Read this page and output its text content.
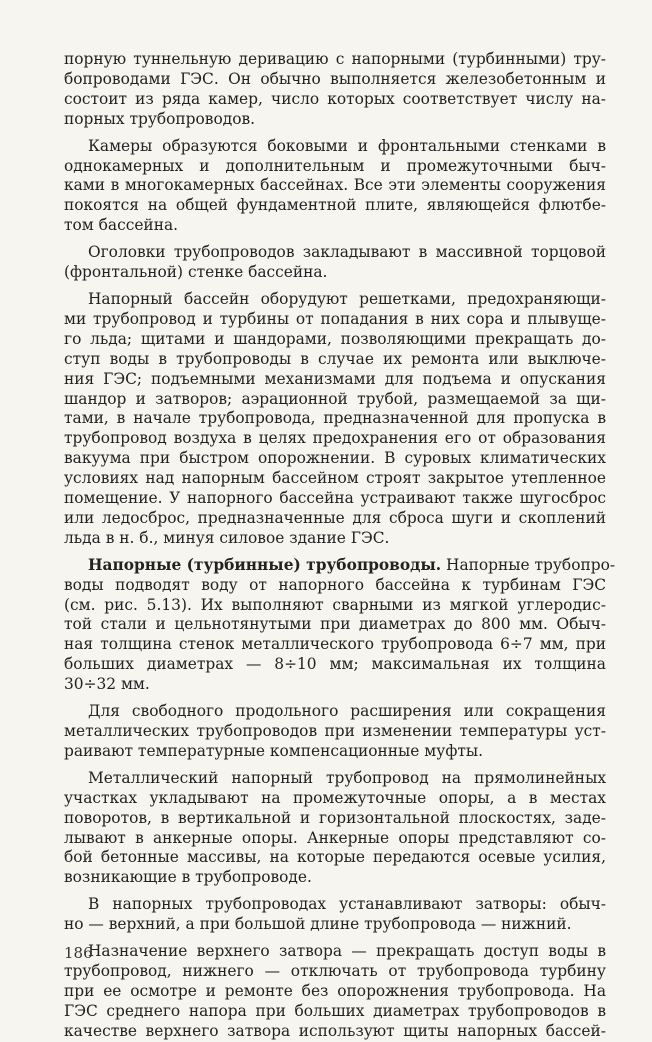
порную туннельную деривацию с напорными (турбинными) тру-
бопроводами ГЭС. Он обычно выполняется железобетонным и
состоит из ряда камер, число которых соответствует числу на-
порных трубопроводов.

Камеры образуются боковыми и фронтальными стенками в
однокамерных и дополнительным и промежуточными быч-
ками в многокамерных бассейнах. Все эти элементы сооружения
покоятся на общей фундаментной плите, являющейся флютбе-
том бассейна.

Оголовки трубопроводов закладывают в массивной торцовой
(фронтальной) стенке бассейна.

Напорный бассейн оборудуют решетками, предохраняющи-
ми трубопровод и турбины от попадания в них сора и плывуще-
го льда; щитами и шандорами, позволяющими прекращать до-
ступ воды в трубопроводы в случае их ремонта или выключе-
ния ГЭС; подъемными механизмами для подъема и опускания
шандор и затворов; аэрационной трубой, размещаемой за щи-
тами, в начале трубопровода, предназначенной для пропуска в
трубопровод воздуха в целях предохранения его от образования
вакуума при быстром опорожнении. В суровых климатических
условиях над напорным бассейном строят закрытое утепленное
помещение. У напорного бассейна устраивают также шугосброс
или ледосброс, предназначенные для сброса шуги и скоплений
льда в н. б., минуя силовое здание ГЭС.

Напорные (турбинные) трубопроводы. Напорные трубопро-
воды подводят воду от напорного бассейна к турбинам ГЭС
(см. рис. 5.13). Их выполняют сварными из мягкой углеродис-
той стали и цельнотянутыми при диаметрах до 800 мм. Обыч-
ная толщина стенок металлического трубопровода 6÷7 мм, при
больших диаметрах — 8÷10 мм; максимальная их толщина
30÷32 мм.

Для свободного продольного расширения или сокращения
металлических трубопроводов при изменении температуры уст-
раивают температурные компенсационные муфты.

Металлический напорный трубопровод на прямолинейных
участках укладывают на промежуточные опоры, а в местах
поворотов, в вертикальной и горизонтальной плоскостях, заде-
лывают в анкерные опоры. Анкерные опоры представляют со-
бой бетонные массивы, на которые передаются осевые усилия,
возникающие в трубопроводе.

В напорных трубопроводах устанавливают затворы: обыч-
но — верхний, а при большой длине трубопровода — нижний.

Назначение верхнего затвора — прекращать доступ воды в
трубопровод, нижнего — отключать от трубопровода турбину
при ее осмотре и ремонте без опорожнения трубопровода. На
ГЭС среднего напора при больших диаметрах трубопроводов в
качестве верхнего затвора используют щиты напорных бассей-

186
